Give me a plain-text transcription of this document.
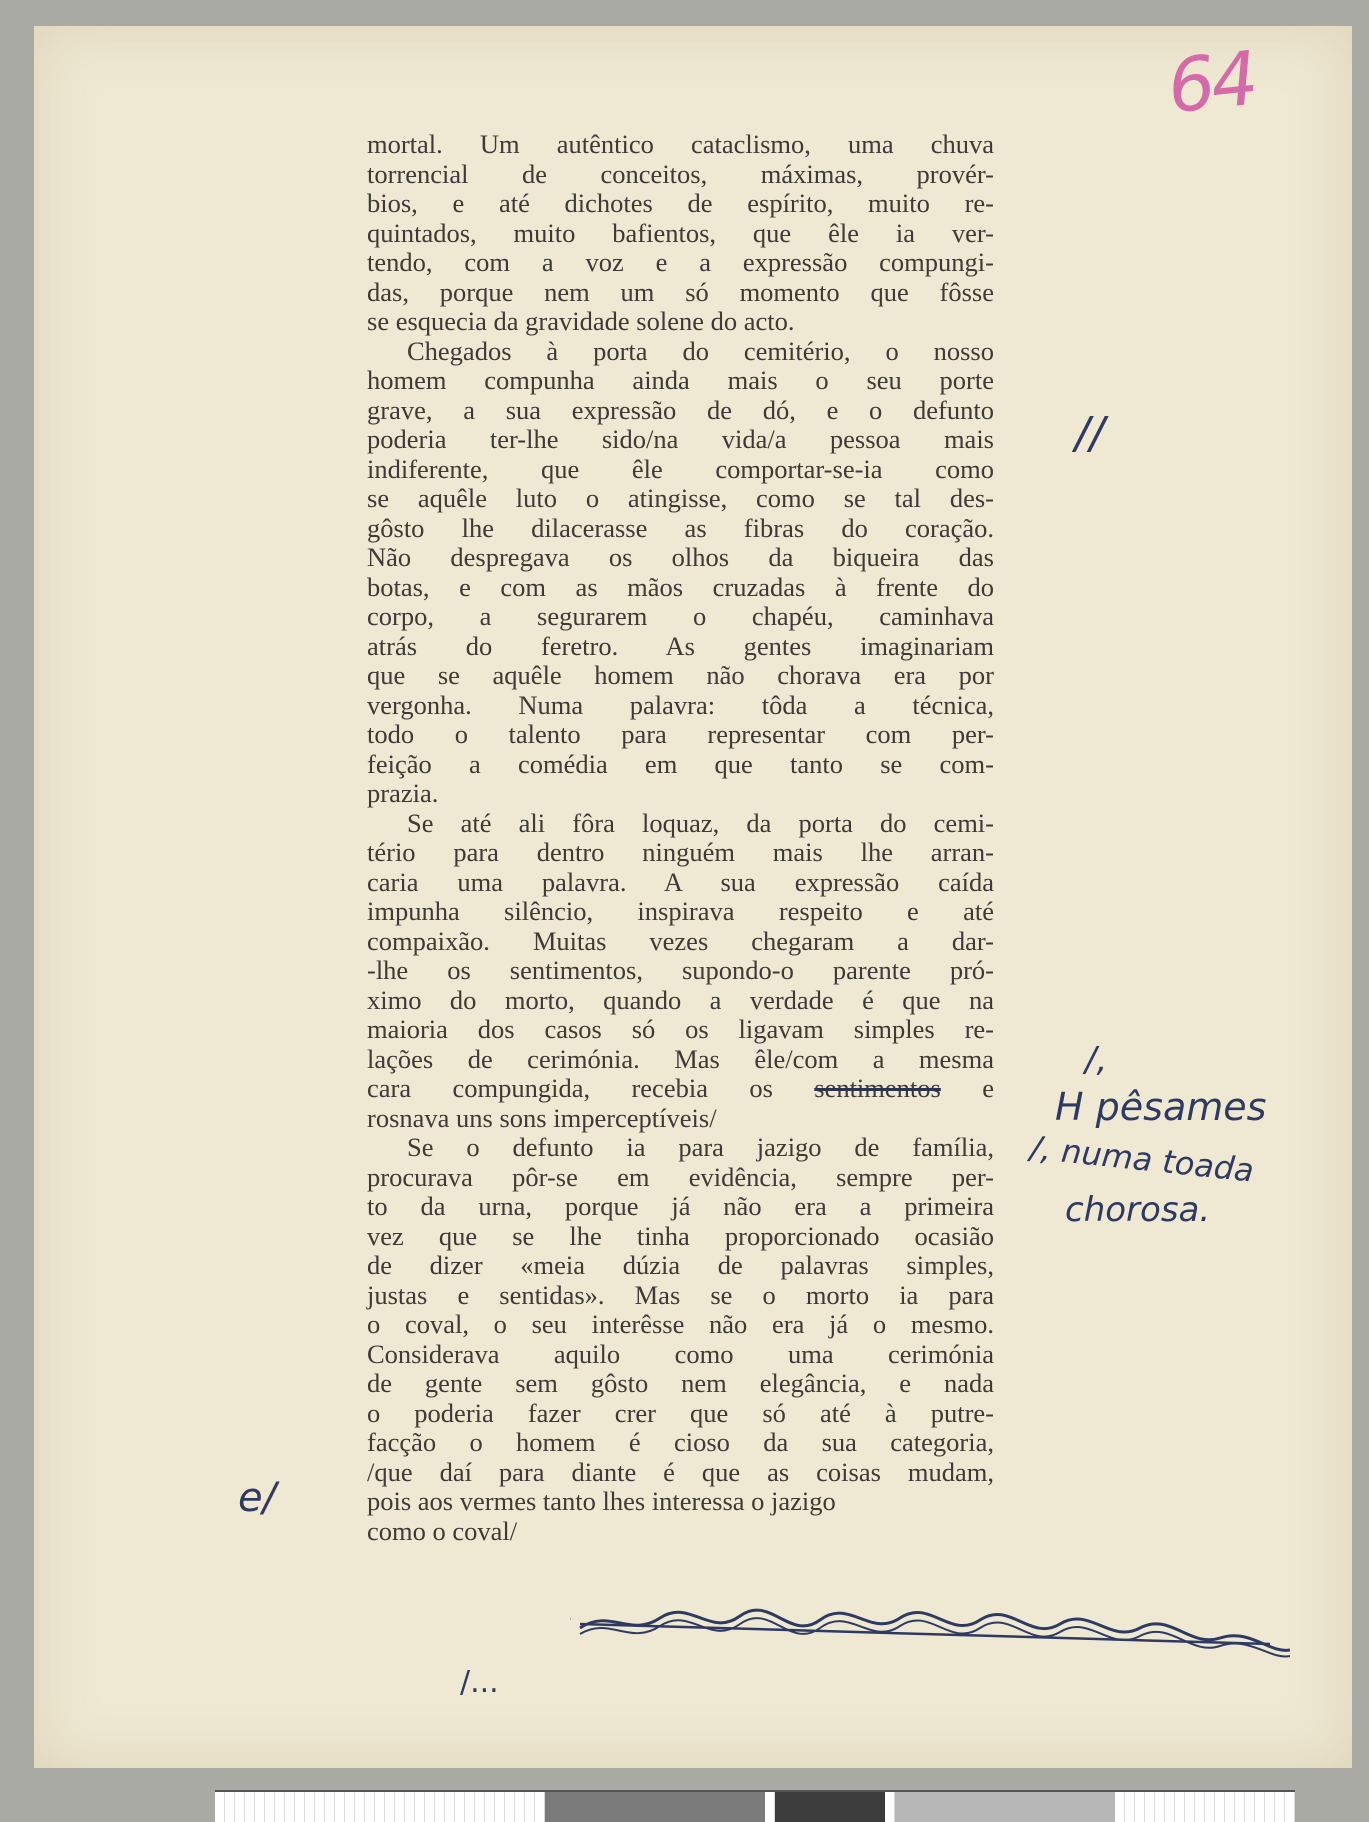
64
mortal. Um autêntico cataclismo, uma chuva
torrencial de conceitos, máximas, provér-
bios, e até dichotes de espírito, muito re-
quintados, muito bafientos, que êle ia ver-
tendo, com a voz e a expressão compungi-
das, porque nem um só momento que fôsse
se esquecia da gravidade solene do acto.
Chegados à porta do cemitério, o nosso
homem compunha ainda mais o seu porte
grave, a sua expressão de dó, e o defunto
poderia ter-lhe sido/na vida/a pessoa mais
indiferente, que êle comportar-se-ia como
se aquêle luto o atingisse, como se tal des-
gôsto lhe dilacerasse as fibras do coração.
Não despregava os olhos da biqueira das
botas, e com as mãos cruzadas à frente do
corpo, a segurarem o chapéu, caminhava
atrás do feretro. As gentes imaginariam
que se aquêle homem não chorava era por
vergonha. Numa palavra: tôda a técnica,
todo o talento para representar com per-
feição a comédia em que tanto se com-
prazia.
Se até ali fôra loquaz, da porta do cemi-
tério para dentro ninguém mais lhe arran-
caria uma palavra. A sua expressão caída
impunha silêncio, inspirava respeito e até
compaixão. Muitas vezes chegaram a dar-
-lhe os sentimentos, supondo-o parente pró-
ximo do morto, quando a verdade é que na
maioria dos casos só os ligavam simples re-
lações de cerimónia. Mas êle/com a mesma
cara compungida, recebia os sentimentos e
rosnava uns sons imperceptíveis/
Se o defunto ia para jazigo de família,
procurava pôr-se em evidência, sempre per-
to da urna, porque já não era a primeira
vez que se lhe tinha proporcionado ocasião
de dizer «meia dúzia de palavras simples,
justas e sentidas». Mas se o morto ia para
o coval, o seu interêsse não era já o mesmo.
Considerava aquilo como uma cerimónia
de gente sem gôsto nem elegância, e nada
o poderia fazer crer que só até à putre-
facção o homem é cioso da sua categoria,
/que daí para diante é que as coisas mudam,
pois aos vermes tanto lhes interessa o jazigo
como o coval/
//
/,
H pêsames
/, numa toada
chorosa.
e/
/...
